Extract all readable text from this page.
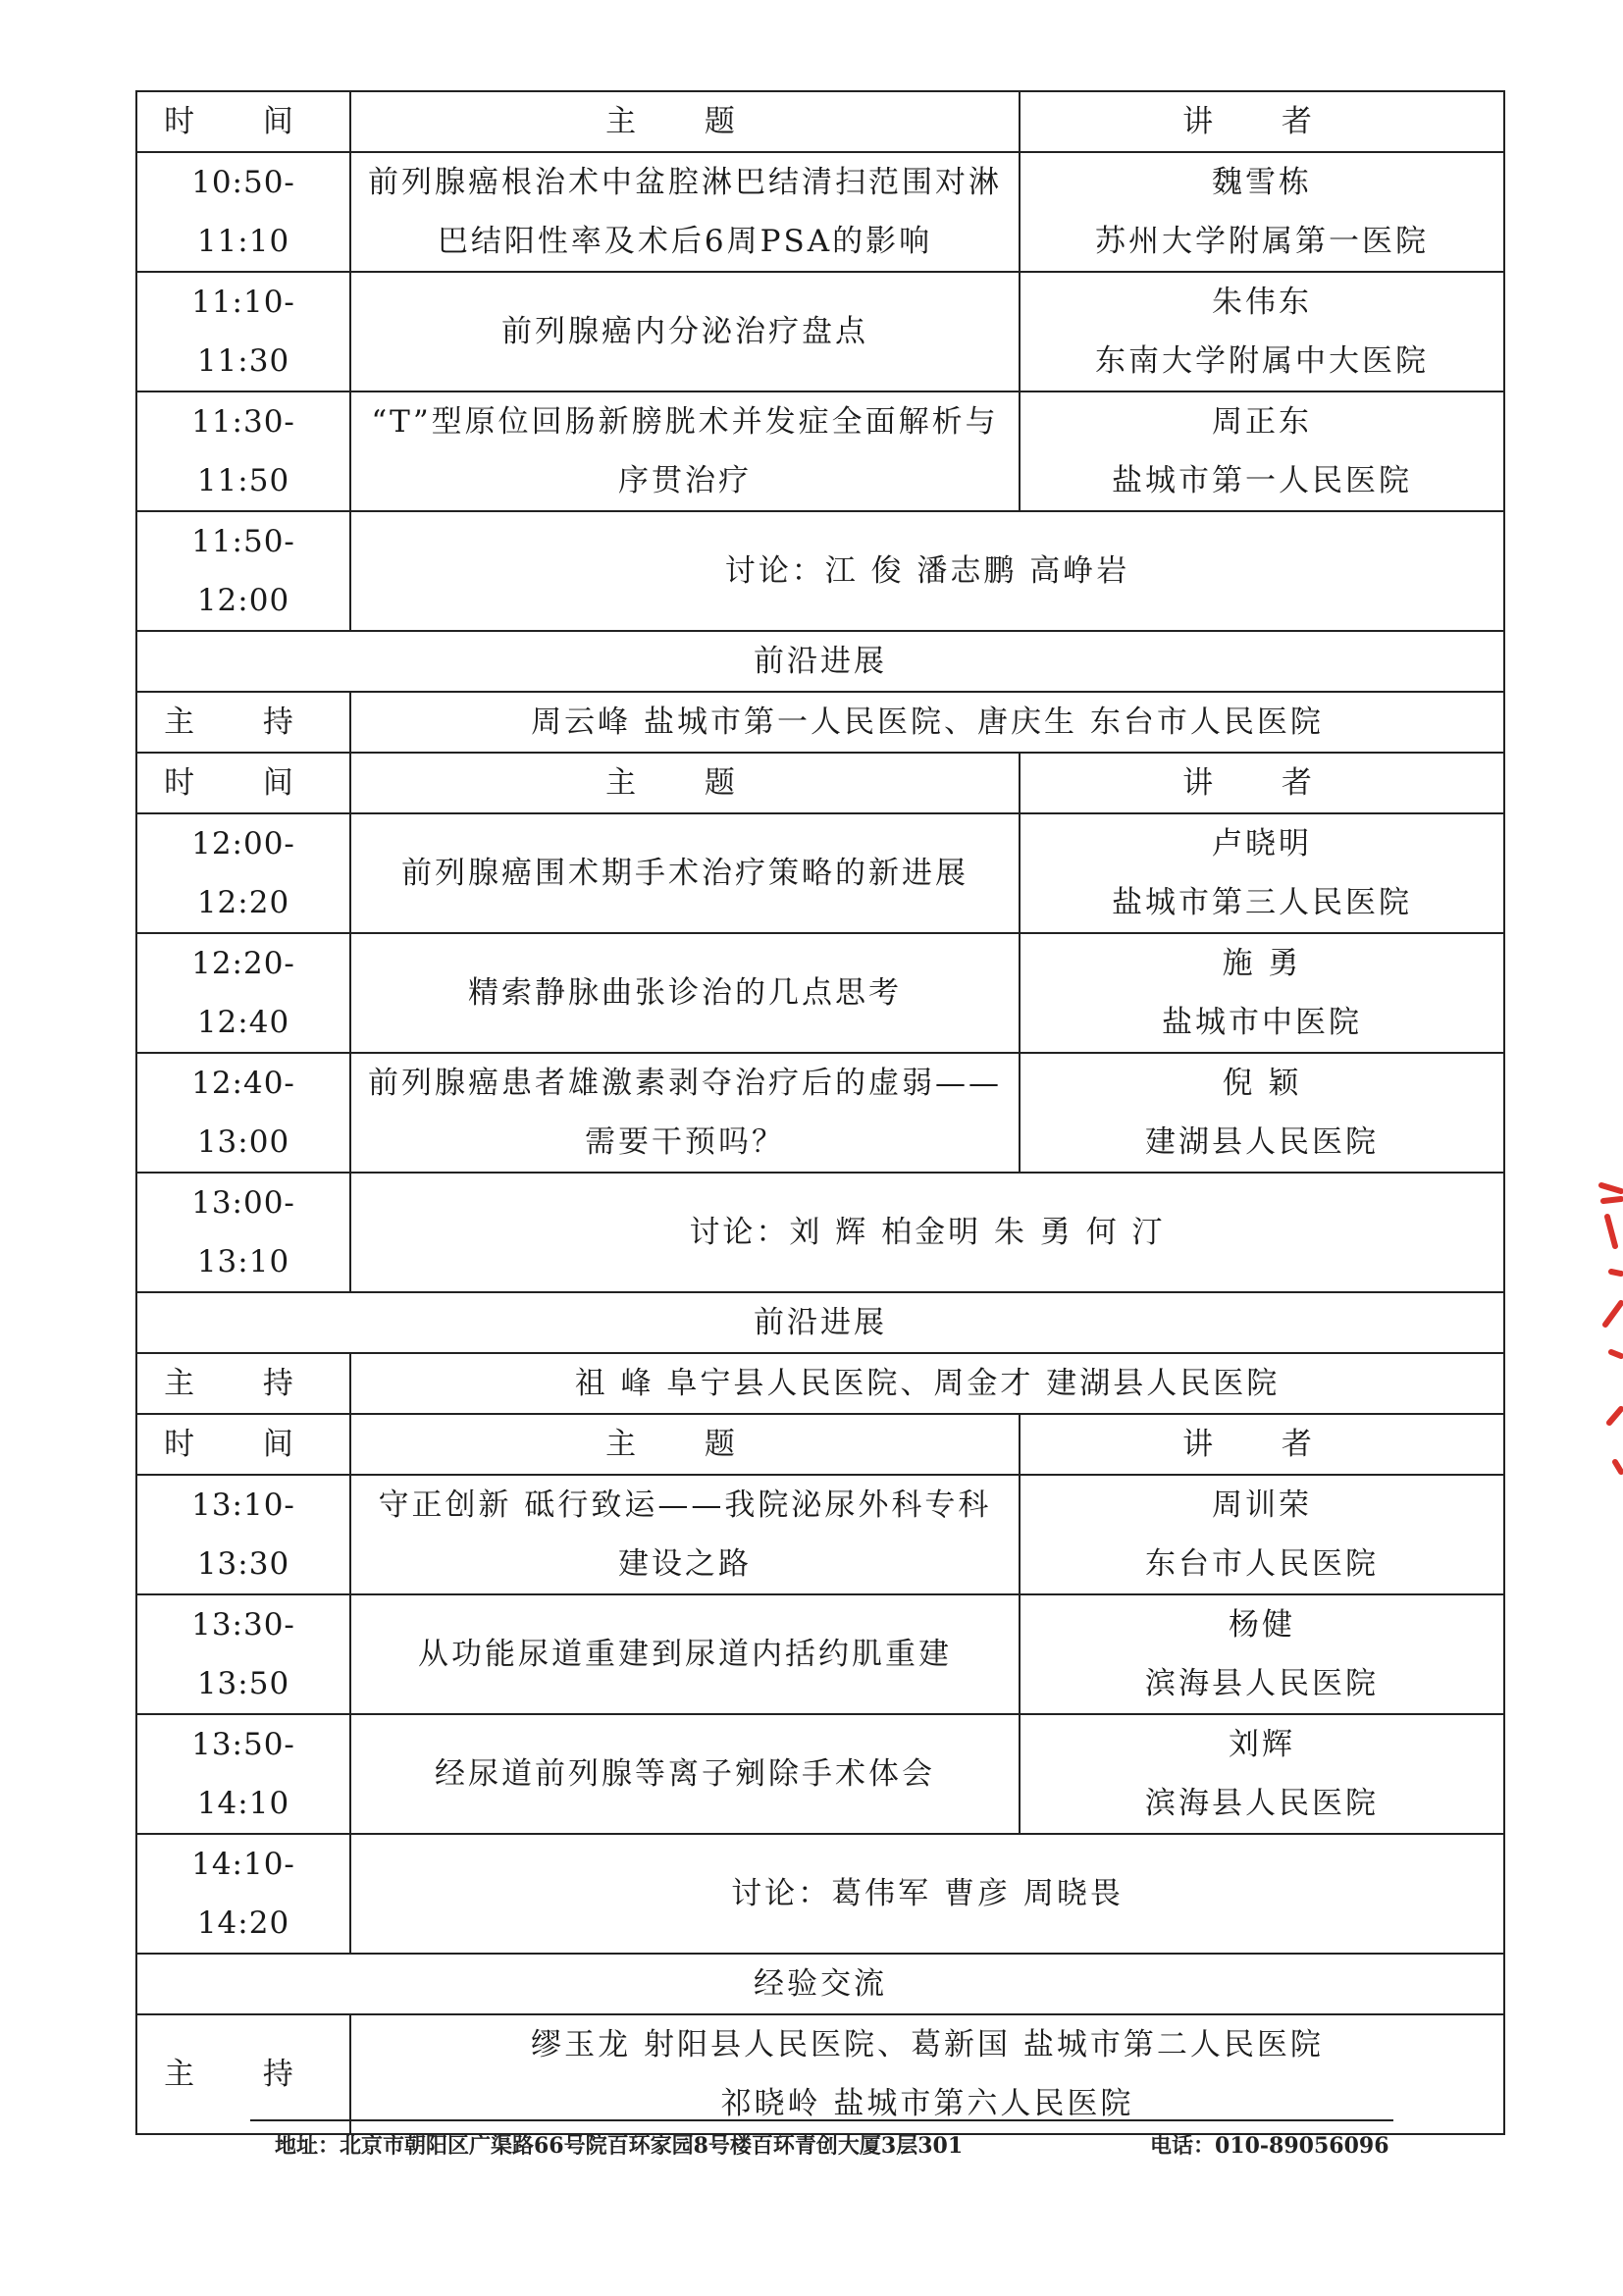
时 间	主 题	讲 者
10:50-11:10	前列腺癌根治术中盆腔淋巴结清扫范围对淋
巴结阳性率及术后6周PSA的影响	魏雪栋
苏州大学附属第一医院

11:10-11:30	前列腺癌内分泌治疗盘点	朱伟东
东南大学附属中大医院

11:30-11:50	“T”型原位回肠新膀胱术并发症全面解析与
序贯治疗	周正东
盐城市第一人民医院

11:50-12:00	讨论：江 俊 潘志鹏 高峥岩	
前沿进展		
主 持	周云峰 盐城市第一人民医院、唐庆生 东台市人民医院	

时 间	主 题	讲 者
12:00-12:20	前列腺癌围术期手术治疗策略的新进展	卢晓明
盐城市第三人民医院

12:20-12:40	精索静脉曲张诊治的几点思考	施 勇
盐城市中医院

12:40-13:00	前列腺癌患者雄激素剥夺治疗后的虚弱——
需要干预吗？	倪 颖
建湖县人民医院

13:00-13:10	讨论：刘 辉 柏金明 朱 勇 何 汀	
前沿进展		
主 持	祖 峰 阜宁县人民医院、周金才 建湖县人民医院	

时 间	主 题	讲 者
13:10-13:30	守正创新 砥行致运——我院泌尿外科专科
建设之路	周训荣
东台市人民医院

13:30-13:50	从功能尿道重建到尿道内括约肌重建	杨健
滨海县人民医院

13:50-14:10	经尿道前列腺等离子剜除手术体会	刘辉
滨海县人民医院

14:10-14:20	讨论：葛伟军 曹彦 周晓畏	
经验交流		
主 持	缪玉龙 射阳县人民医院、葛新国 盐城市第二人民医院
祁晓岭 盐城市第六人民医院	
地址：北京市朝阳区广渠路66号院百环家园8号楼百环青创大厦3层301	电话：010-89056096
